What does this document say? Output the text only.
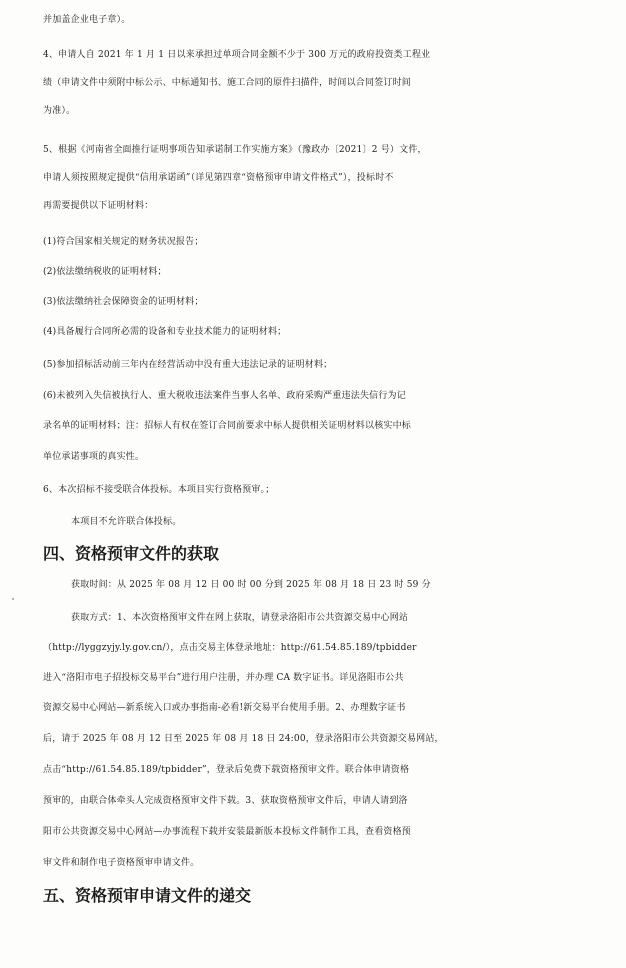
并加盖企业电子章）。
4、申请人自 2021 年 1 月 1 日以来承担过单项合同金额不少于 300 万元的政府投资类工程业
绩（申请文件中须附中标公示、中标通知书、施工合同的原件扫描件，时间以合同签订时间
为准）。
5、根据《河南省全面推行证明事项告知承诺制工作实施方案》（豫政办〔2021〕2 号）文件，
申请人须按照规定提供“信用承诺函”（详见第四章“资格预审申请文件格式”），投标时不
再需要提供以下证明材料：
(1)符合国家相关规定的财务状况报告；
(2)依法缴纳税收的证明材料；
(3)依法缴纳社会保障资金的证明材料；
(4)具备履行合同所必需的设备和专业技术能力的证明材料；
(5)参加招标活动前三年内在经营活动中没有重大违法记录的证明材料；
(6)未被列入失信被执行人、重大税收违法案件当事人名单、政府采购严重违法失信行为记
录名单的证明材料；注：招标人有权在签订合同前要求中标人提供相关证明材料以核实中标
单位承诺事项的真实性。
6、本次招标不接受联合体投标。本项目实行资格预审。；
本项目不允许联合体投标。
四、资格预审文件的获取
获取时间：从 2025 年 08 月 12 日 00 时 00 分到 2025 年 08 月 18 日 23 时 59 分
获取方式：1、本次资格预审文件在网上获取，请登录洛阳市公共资源交易中心网站
（http://lyggzyjy.ly.gov.cn/），点击交易主体登录地址：http://61.54.85.189/tpbidder
进入“洛阳市电子招投标交易平台”进行用户注册，并办理 CA 数字证书。详见洛阳市公共
资源交易中心网站—新系统入口或办事指南-必看!新交易平台使用手册。2、办理数字证书
后，请于 2025 年 08 月 12 日至 2025 年 08 月 18 日 24:00，登录洛阳市公共资源交易网站，
点击“http://61.54.85.189/tpbidder”，登录后免费下载资格预审文件。联合体申请资格
预审的，由联合体牵头人完成资格预审文件下载。3、获取资格预审文件后，申请人请到洛
阳市公共资源交易中心网站—办事流程下载并安装最新版本投标文件制作工具，查看资格预
审文件和制作电子资格预审申请文件。
五、资格预审申请文件的递交
